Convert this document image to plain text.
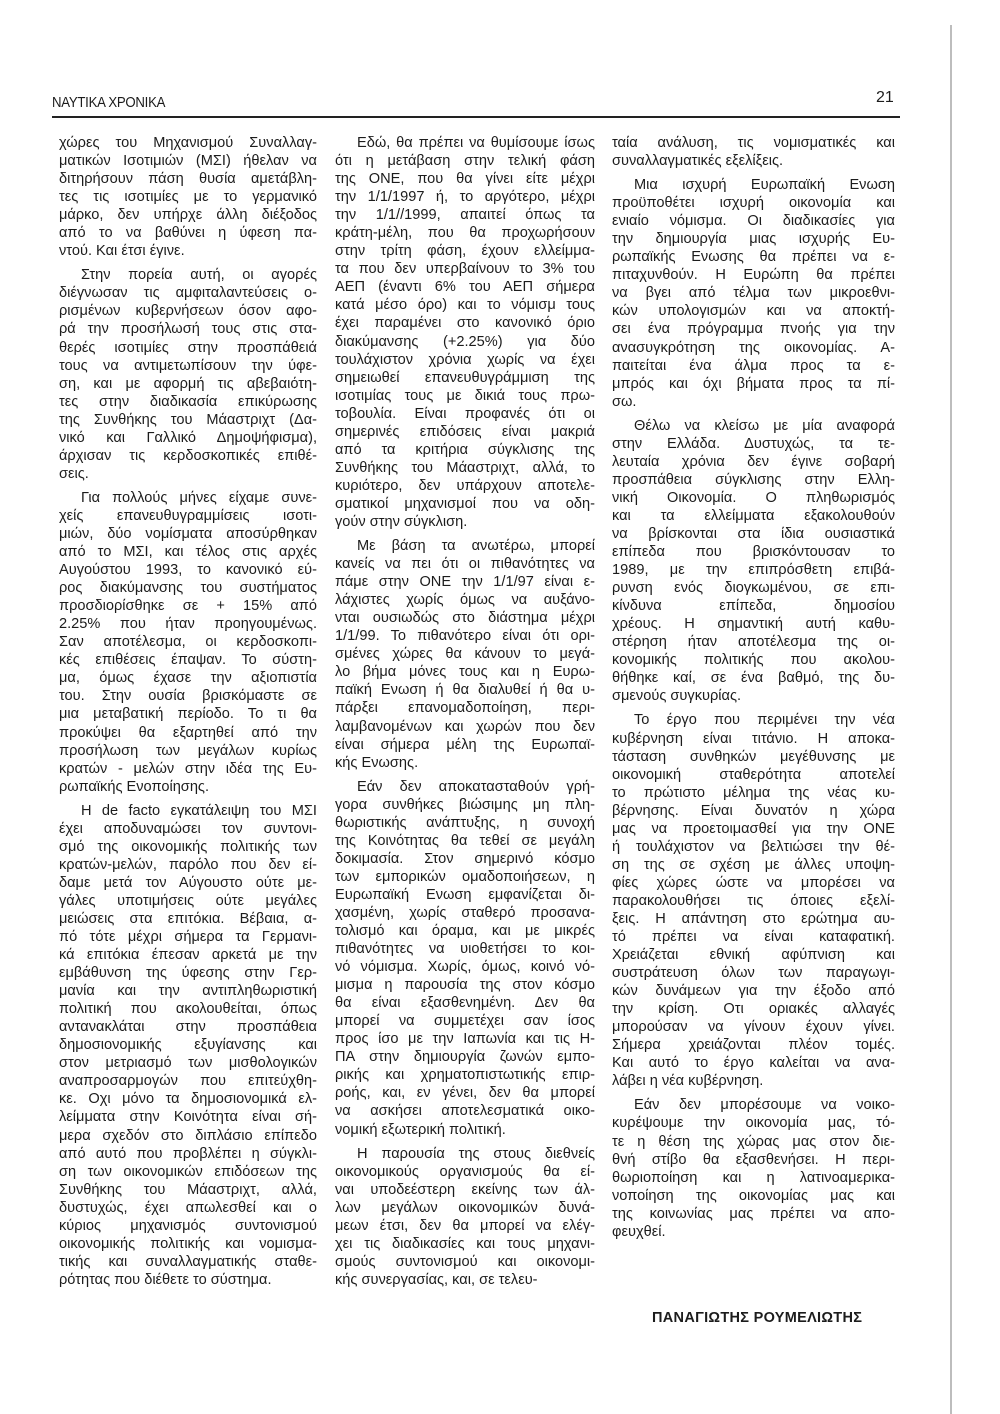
ΝΑΥΤΙΚΑ ΧΡΟΝΙΚΑ	21
χώρες του Μηχανισμού Συναλλαγ-
ματικών Ισοτιμιών (ΜΣΙ) ήθελαν να
διτηρήσουν πάση θυσία αμετάβλη-
τες τις ισοτιμίες με το γερμανικό
μάρκο, δεν υπήρχε άλλη διέξοδος
από το να βαθύνει η ύφεση πα-
ντού. Και έτσι έγινε.
Στην πορεία αυτή, οι αγορές
διέγνωσαν τις αμφιταλαντεύσεις ο-
ρισμένων κυβερνήσεων όσον αφο-
ρά την προσήλωσή τους στις στα-
θερές ισοτιμίες στην προσπάθειά
τους να αντιμετωπίσουν την ύφε-
ση, και με αφορμή τις αβεβαιότη-
τες στην διαδικασία επικύρωσης
της Συνθήκης του Μάαστριχτ (Δα-
νικό και Γαλλικό Δημοψήφισμα),
άρχισαν τις κερδοσκοπικές επιθέ-
σεις.
Για πολλούς μήνες είχαμε συνε-
χείς επανευθυγραμμίσεις ισοτι-
μιών, δύο νομίσματα αποσύρθηκαν
από το ΜΣΙ, και τέλος στις αρχές
Αυγούστου 1993, το κανονικό εύ-
ρος διακύμανσης του συστήματος
προσδιορίσθηκε σε + 15% από
2.25% που ήταν προηγουμένως.
Σαν αποτέλεσμα, οι κερδοσκοπι-
κές επιθέσεις έπαψαν. Το σύστη-
μα, όμως έχασε την αξιοπιστία
του. Στην ουσία βρισκόμαστε σε
μια μεταβατική περίοδο. Το τι θα
προκύψει θα εξαρτηθεί από την
προσήλωση των μεγάλων κυρίως
κρατών - μελών στην ιδέα της Ευ-
ρωπαϊκής Ενοποίησης.
Η de facto εγκατάλειψη του ΜΣΙ
έχει αποδυναμώσει τον συντονι-
σμό της οικονομικής πολιτικής των
κρατών-μελών, παρόλο που δεν εί-
δαμε μετά τον Αύγουστο ούτε με-
γάλες υποτιμήσεις ούτε μεγάλες
μειώσεις στα επιτόκια. Βέβαια, α-
πό τότε μέχρι σήμερα τα Γερμανι-
κά επιτόκια έπεσαν αρκετά με την
εμβάθυνση της ύφεσης στην Γερ-
μανία και την αντιπληθωριστική
πολιτική που ακολουθείται, όπως
αντανακλάται στην προσπάθεια
δημοσιονομικής εξυγίανσης και
στον μετριασμό των μισθολογικών
αναπροσαρμογών που επιτεύχθη-
κε. Οχι μόνο τα δημοσιονομικά ελ-
λείμματα στην Κοινότητα είναι σή-
μερα σχεδόν στο διπλάσιο επίπεδο
από αυτό που προβλέπει η σύγκλι-
ση των οικονομικών επιδόσεων της
Συνθήκης του Μάαστριχτ, αλλά,
δυστυχώς, έχει απωλεσθεί και ο
κύριος μηχανισμός συντονισμού
οικονομικής πολιτικής και νομισμα-
τικής και συναλλαγματικής σταθε-
ρότητας που διέθετε το σύστημα.
Εδώ, θα πρέπει να θυμίσουμε ίσως
ότι η μετάβαση στην τελική φάση
της ΟΝΕ, που θα γίνει είτε μέχρι
την 1/1/1997 ή, το αργότερο, μέχρι
την 1/1//1999, απαιτεί όπως τα
κράτη-μέλη, που θα προχωρήσουν
στην τρίτη φάση, έχουν ελλείμμα-
τα που δεν υπερβαίνουν το 3% του
ΑΕΠ (έναντι 6% του ΑΕΠ σήμερα
κατά μέσο όρο) και το νόμισμ τους
έχει παραμένει στο κανονικό όριο
διακύμανσης (+2.25%) για δύο
τουλάχιστον χρόνια χωρίς να έχει
σημειωθεί επανευθυγράμμιση της
ισοτιμίας τους με δικιά τους πρω-
τοβουλία. Είναι προφανές ότι οι
σημερινές επιδόσεις είναι μακριά
από τα κριτήρια σύγκλισης της
Συνθήκης του Μάαστριχτ, αλλά, το
κυριότερο, δεν υπάρχουν αποτελε-
σματικοί μηχανισμοί που να οδη-
γούν στην σύγκλιση.
Με βάση τα ανωτέρω, μπορεί
κανείς να πει ότι οι πιθανότητες να
πάμε στην ΟΝΕ την 1/1/97 είναι ε-
λάχιστες χωρίς όμως να αυξάνο-
νται ουσιωδώς στο διάστημα μέχρι
1/1/99. Το πιθανότερο είναι ότι ορι-
σμένες χώρες θα κάνουν το μεγά-
λο βήμα μόνες τους και η Ευρω-
παϊκή Ενωση ή θα διαλυθεί ή θα υ-
πάρξει επανομαδοποίηση, περι-
λαμβανομένων και χωρών που δεν
είναι σήμερα μέλη της Ευρωπαϊ-
κής Ενωσης.
Εάν δεν αποκατασταθούν γρή-
γορα συνθήκες βιώσιμης μη πλη-
θωριστικής ανάπτυξης, η συνοχή
της Κοινότητας θα τεθεί σε μεγάλη
δοκιμασία. Στον σημερινό κόσμο
των εμπορικών ομαδοποιήσεων, η
Ευρωπαϊκή Ενωση εμφανίζεται δι-
χασμένη, χωρίς σταθερό προσανα-
τολισμό και όραμα, και με μικρές
πιθανότητες να υιοθετήσει το κοι-
νό νόμισμα. Χωρίς, όμως, κοινό νό-
μισμα η παρουσία της στον κόσμο
θα είναι εξασθενημένη. Δεν θα
μπορεί να συμμετέχει σαν ίσος
προς ίσο με την Ιαπωνία και τις Η-
ΠΑ στην δημιουργία ζωνών εμπο-
ρικής και χρηματοπιστωτικής επιρ-
ροής, και, εν γένει, δεν θα μπορεί
να ασκήσει αποτελεσματικά οικο-
νομική εξωτερική πολιτική.
Η παρουσία της στους διεθνείς
οικονομικούς οργανισμούς θα εί-
ναι υποδεέστερη εκείνης των άλ-
λων μεγάλων οικονομικών δυνά-
μεων έτσι, δεν θα μπορεί να ελέγ-
χει τις διαδικασίες και τους μηχανι-
σμούς συντονισμού και οικονομι-
κής συνεργασίας, και, σε τελευ-
ταία ανάλυση, τις νομισματικές και
συναλλαγματικές εξελίξεις.
Μια ισχυρή Ευρωπαϊκή Ενωση
προϋποθέτει ισχυρή οικονομία και
ενιαίο νόμισμα. Οι διαδικασίες για
την δημιουργία μιας ισχυρής Ευ-
ρωπαϊκής Ενωσης θα πρέπει να ε-
πιταχυνθούν. Η Ευρώπη θα πρέπει
να βγει από τέλμα των μικροεθνι-
κών υπολογισμών και να αποκτή-
σει ένα πρόγραμμα πνοής για την
ανασυγκρότηση της οικονομίας. Α-
παιτείται ένα άλμα προς τα ε-
μπρός και όχι βήματα προς τα πί-
σω.
Θέλω να κλείσω με μία αναφορά
στην Ελλάδα. Δυστυχώς, τα τε-
λευταία χρόνια δεν έγινε σοβαρή
προσπάθεια σύγκλισης στην Ελλη-
νική Οικονομία. Ο πληθωρισμός
και τα ελλείμματα εξακολουθούν
να βρίσκονται στα ίδια ουσιαστικά
επίπεδα που βρισκόντουσαν το
1989, με την επιπρόσθετη επιβά-
ρυνση ενός διογκωμένου, σε επι-
κίνδυνα επίπεδα, δημοσίου
χρέους. Η σημαντική αυτή καθυ-
στέρηση ήταν αποτέλεσμα της οι-
κονομικής πολιτικής που ακολου-
θήθηκε καί, σε ένα βαθμό, της δυ-
σμενούς συγκυρίας.
Το έργο που περιμένει την νέα
κυβέρνηση είναι τιτάνιο. Η αποκα-
τάσταση συνθηκών μεγέθυνσης με
οικονομική σταθερότητα αποτελεί
το πρώτιστο μέλημα της νέας κυ-
βέρνησης. Είναι δυνατόν η χώρα
μας να προετοιμασθεί για την ΟΝΕ
ή τουλάχιστον να βελτιώσει την θέ-
ση της σε σχέση με άλλες υποψη-
φίες χώρες ώστε να μπορέσει να
παρακολουθήσει τις όποιες εξελί-
ξεις. Η απάντηση στο ερώτημα αυ-
τό πρέπει να είναι καταφατική.
Χρειάζεται εθνική αφύπνιση και
συστράτευση όλων των παραγωγι-
κών δυνάμεων για την έξοδο από
την κρίση. Οτι οριακές αλλαγές
μπορούσαν να γίνουν έχουν γίνει.
Σήμερα χρειάζονται πλέον τομές.
Και αυτό το έργο καλείται να ανα-
λάβει η νέα κυβέρνηση.
Εάν δεν μπορέσουμε να νοικο-
κυρέψουμε την οικονομία μας, τό-
τε η θέση της χώρας μας στον διε-
θνή στίβο θα εξασθενήσει. Η περι-
θωριοποίηση και η λατινοαμερικα-
νοποίηση της οικονομίας μας και
της κοινωνίας μας πρέπει να απο-
φευχθεί.
ΠΑΝΑΓΙΩΤΗΣ ΡΟΥΜΕΛΙΩΤΗΣ
